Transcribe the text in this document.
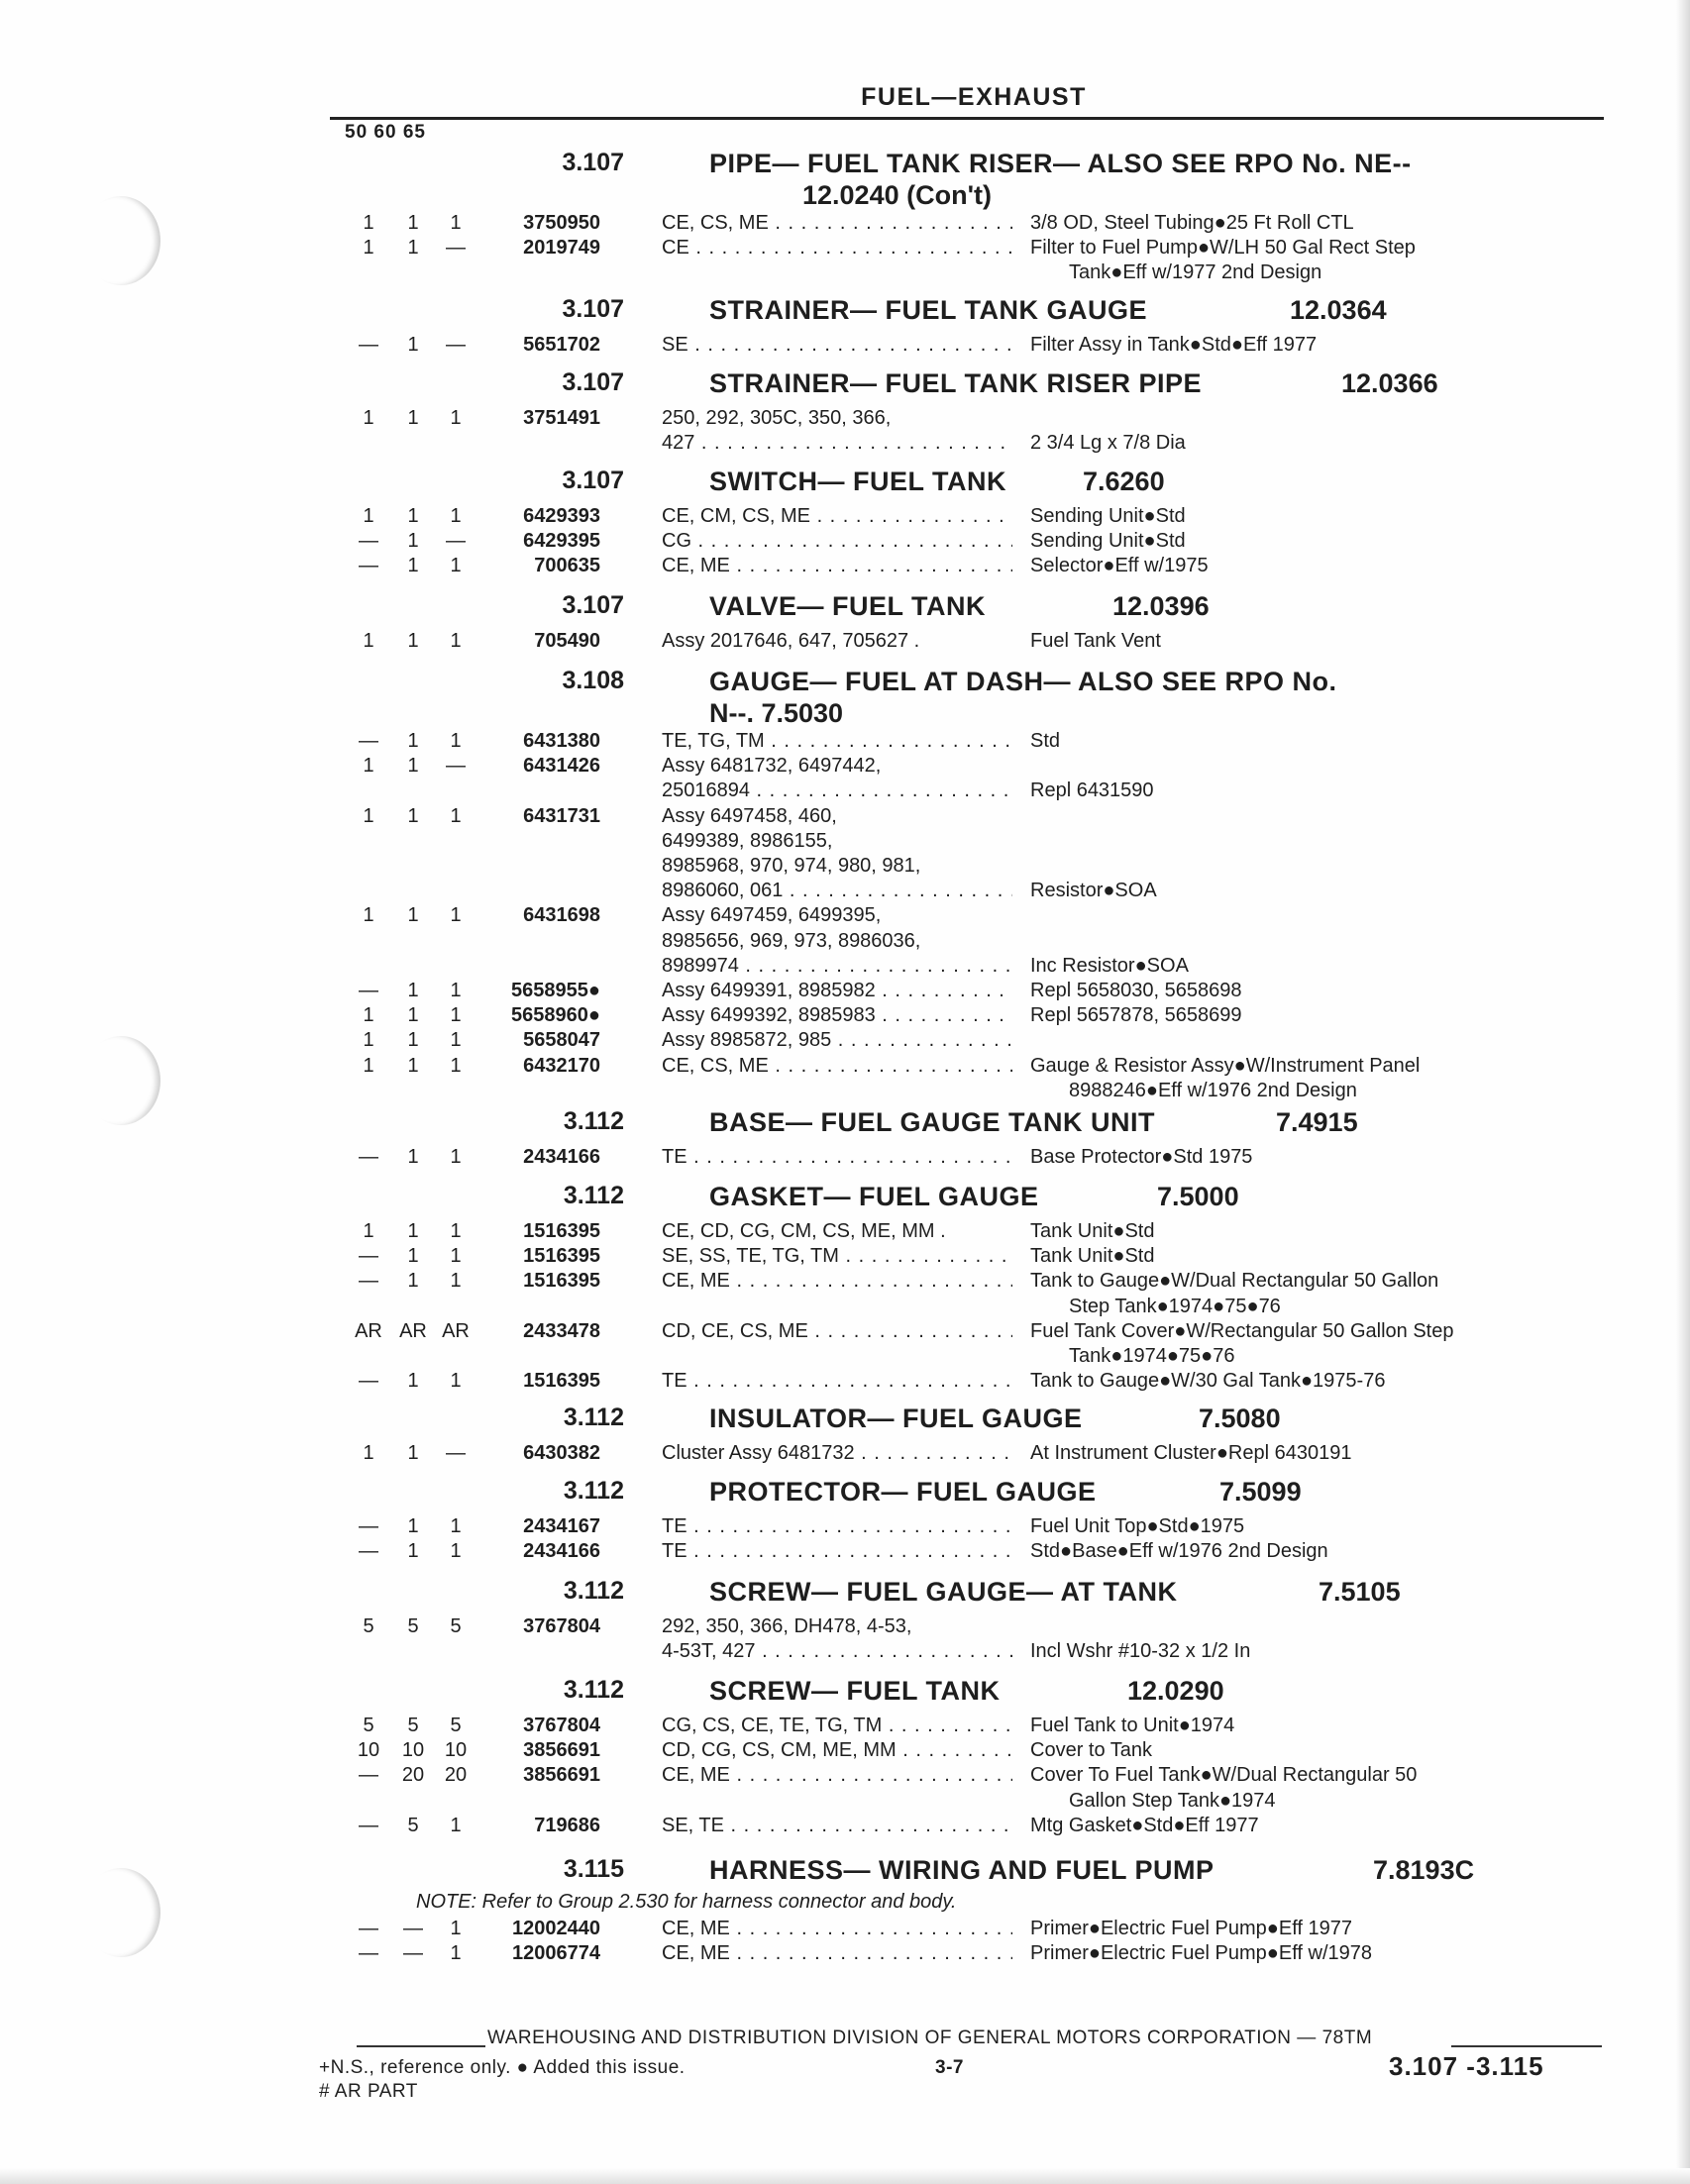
FUEL—EXHAUST
50 60 65
3.107	PIPE— FUEL TANK RISER— ALSO SEE RPO No. NE--
12.0240 (Con't)
1	1	1	3750950	CE, CS, ME . . .	3/8 OD, Steel Tubing●25 Ft Roll CTL
1	1	—	2019749	CE . . .	Filter to Fuel Pump●W/LH 50 Gal Rect Step
Tank●Eff w/1977 2nd Design
3.107	STRAINER— FUEL TANK GAUGE	12.0364
—	1	—	5651702	SE . . .	Filter Assy in Tank●Std●Eff 1977
3.107	STRAINER— FUEL TANK RISER PIPE	12.0366
1	1	1	3751491	250, 292, 305C, 350, 366,
427 . . .	2 3/4 Lg x 7/8 Dia
3.107	SWITCH— FUEL TANK	7.6260
1	1	1	6429393	CE, CM, CS, ME . . .	Sending Unit●Std
—	1	—	6429395	CG . . .	Sending Unit●Std
—	1	1	700635	CE, ME . . .	Selector●Eff w/1975
3.107	VALVE— FUEL TANK	12.0396
1	1	1	705490	Assy 2017646, 647, 705627 .	Fuel Tank Vent
3.108	GAUGE— FUEL AT DASH— ALSO SEE RPO No.
N--. 7.5030
—	1	1	6431380	TE, TG, TM . . .	Std
1	1	—	6431426	Assy 6481732, 6497442,
25016894 . . .	Repl 6431590
1	1	1	6431731	Assy 6497458, 460,
6499389, 8986155,
8985968, 970, 974, 980, 981,
8986060, 061 . . .	Resistor●SOA
1	1	1	6431698	Assy 6497459, 6499395,
8985656, 969, 973, 8986036,
8989974 . . .	Inc Resistor●SOA
—	1	1	5658955●	Assy 6499391, 8985982 . . .	Repl 5658030, 5658698
1	1	1	5658960●	Assy 6499392, 8985983 . . .	Repl 5657878, 5658699
1	1	1	5658047	Assy 8985872, 985 . . .
1	1	1	6432170	CE, CS, ME . . .	Gauge & Resistor Assy●W/Instrument Panel
8988246●Eff w/1976 2nd Design
3.112	BASE— FUEL GAUGE TANK UNIT	7.4915
—	1	1	2434166	TE . . .	Base Protector●Std 1975
3.112	GASKET— FUEL GAUGE	7.5000
1	1	1	1516395	CE, CD, CG, CM, CS, ME, MM .	Tank Unit●Std
—	1	1	1516395	SE, SS, TE, TG, TM . . .	Tank Unit●Std
—	1	1	1516395	CE, ME . . .	Tank to Gauge●W/Dual Rectangular 50 Gallon
Step Tank●1974●75●76
AR AR AR	2433478	CD, CE, CS, ME . . .	Fuel Tank Cover●W/Rectangular 50 Gallon Step
Tank●1974●75●76
—	1	1	1516395	TE . . .	Tank to Gauge●W/30 Gal Tank●1975-76
3.112	INSULATOR— FUEL GAUGE	7.5080
1	1	—	6430382	Cluster Assy 6481732 . . .	At Instrument Cluster●Repl 6430191
3.112	PROTECTOR— FUEL GAUGE	7.5099
—	1	1	2434167	TE . . .	Fuel Unit Top●Std●1975
—	1	1	2434166	TE . . .	Std●Base●Eff w/1976 2nd Design
3.112	SCREW— FUEL GAUGE— AT TANK	7.5105
5	5	5	3767804	292, 350, 366, DH478, 4-53,
4-53T, 427 . . .	Incl Wshr #10-32 x 1/2 In
3.112	SCREW— FUEL TANK	12.0290
5	5	5	3767804	CG, CS, CE, TE, TG, TM . . .	Fuel Tank to Unit●1974
10	10	10	3856691	CD, CG, CS, CM, ME, MM . . .	Cover to Tank
—	20	20	3856691	CE, ME . . .	Cover To Fuel Tank●W/Dual Rectangular 50
Gallon Step Tank●1974
—	5	1	719686	SE, TE . . .	Mtg Gasket●Std●Eff 1977
3.115	HARNESS— WIRING AND FUEL PUMP	7.8193C
NOTE: Refer to Group 2.530 for harness connector and body.
—	—	1	12002440	CE, ME . . .	Primer●Electric Fuel Pump●Eff 1977
—	—	1	12006774	CE, ME . . .	Primer●Electric Fuel Pump●Eff w/1978
WAREHOUSING AND DISTRIBUTION DIVISION OF GENERAL MOTORS CORPORATION — 78TM
+N.S., reference only. ● Added this issue.	3-7	3.107 -3.115
# AR PART
